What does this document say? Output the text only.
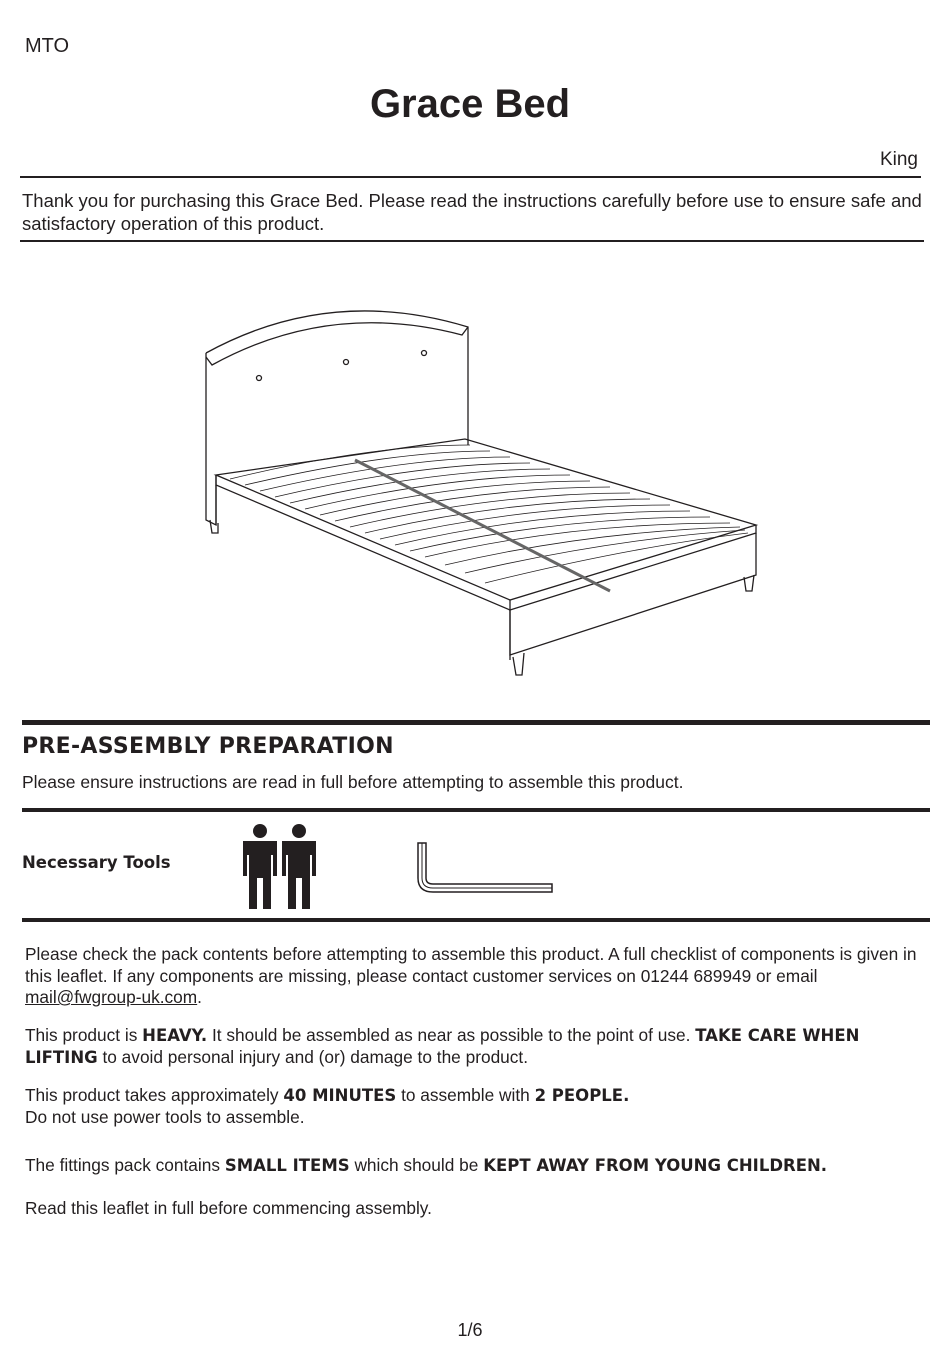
MTO
Grace Bed
King
Thank you for purchasing this Grace Bed. Please read the instructions carefully before use to ensure safe and satisfactory operation of this product.
PRE-ASSEMBLY PREPARATION
Please ensure instructions are read in full before attempting to assemble this product.
Necessary Tools
Please check the pack contents before attempting to assemble this product. A full checklist of components is given in this leaflet. If any components are missing, please contact customer services on 01244 689949 or email mail@fwgroup-uk.com.
This product is HEAVY. It should be assembled as near as possible to the point of use. TAKE CARE WHEN LIFTING to avoid personal injury and (or) damage to the product.
This product takes approximately 40 MINUTES to assemble with 2 PEOPLE.
Do not use power tools to assemble.
The fittings pack contains SMALL ITEMS which should be KEPT AWAY FROM YOUNG CHILDREN.
Read this leaflet in full before commencing assembly.
1/6
